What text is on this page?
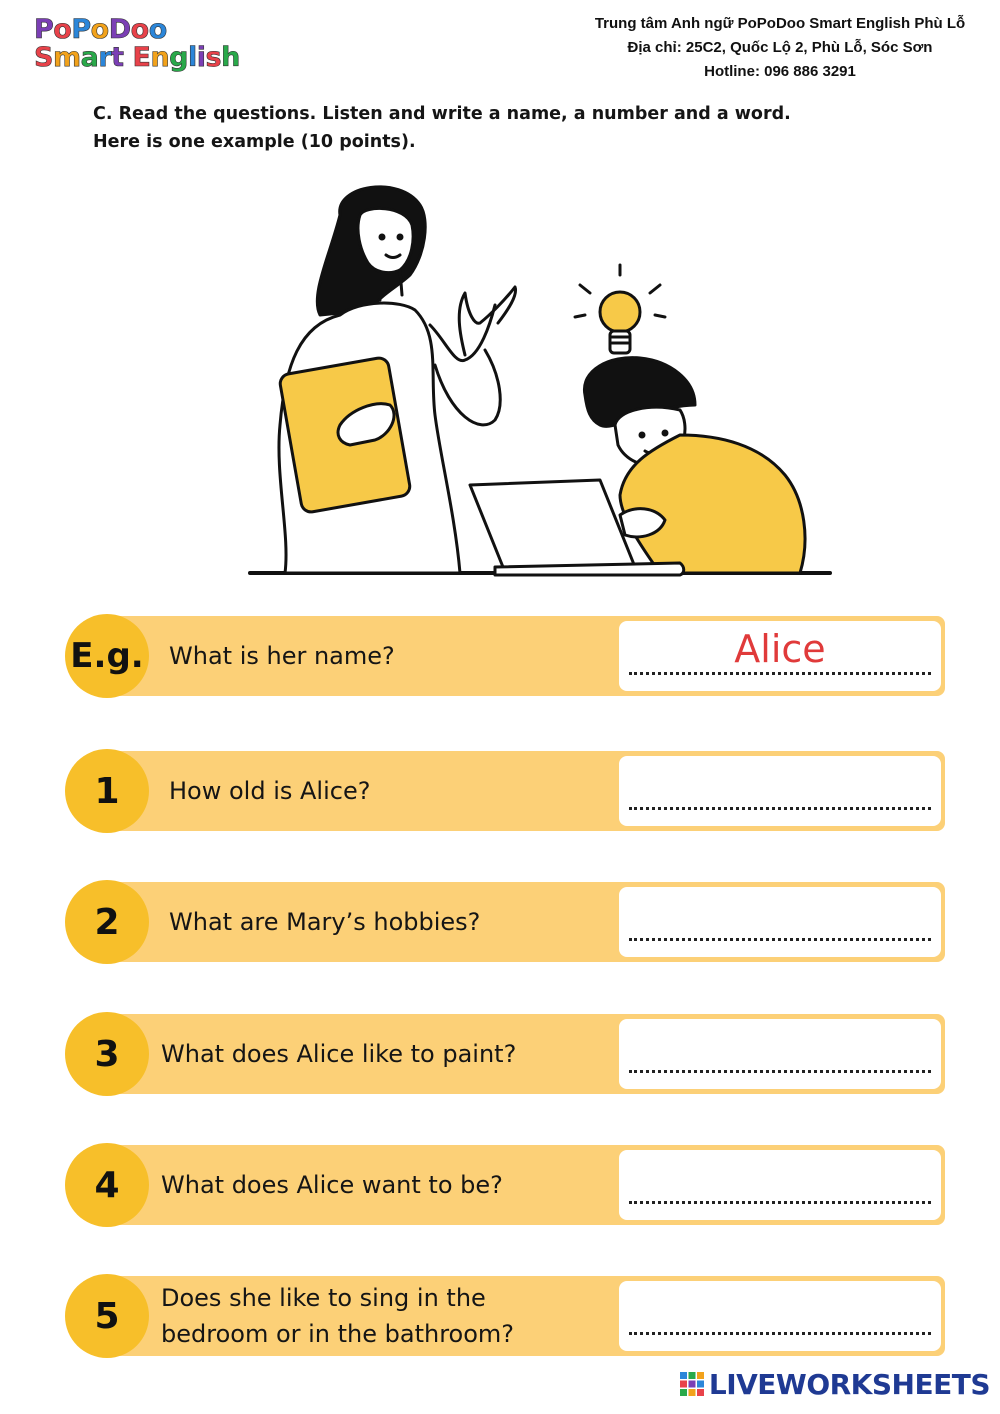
PoPoDoo
Smart English
Trung tâm Anh ngữ PoPoDoo Smart English Phù Lỗ
Địa chỉ: 25C2, Quốc Lộ 2, Phù Lỗ, Sóc Sơn
Hotline: 096 886 3291
C. Read the questions. Listen and write a name, a number and a word.
Here is one example (10 points).
E.g. What is her name?	Alice
1	How old is Alice?
2	What are Mary’s hobbies?
3	What does Alice like to paint?
4	What does Alice want to be?
5	Does she like to sing in the bedroom or in the bathroom?
LIVEWORKSHEETS
